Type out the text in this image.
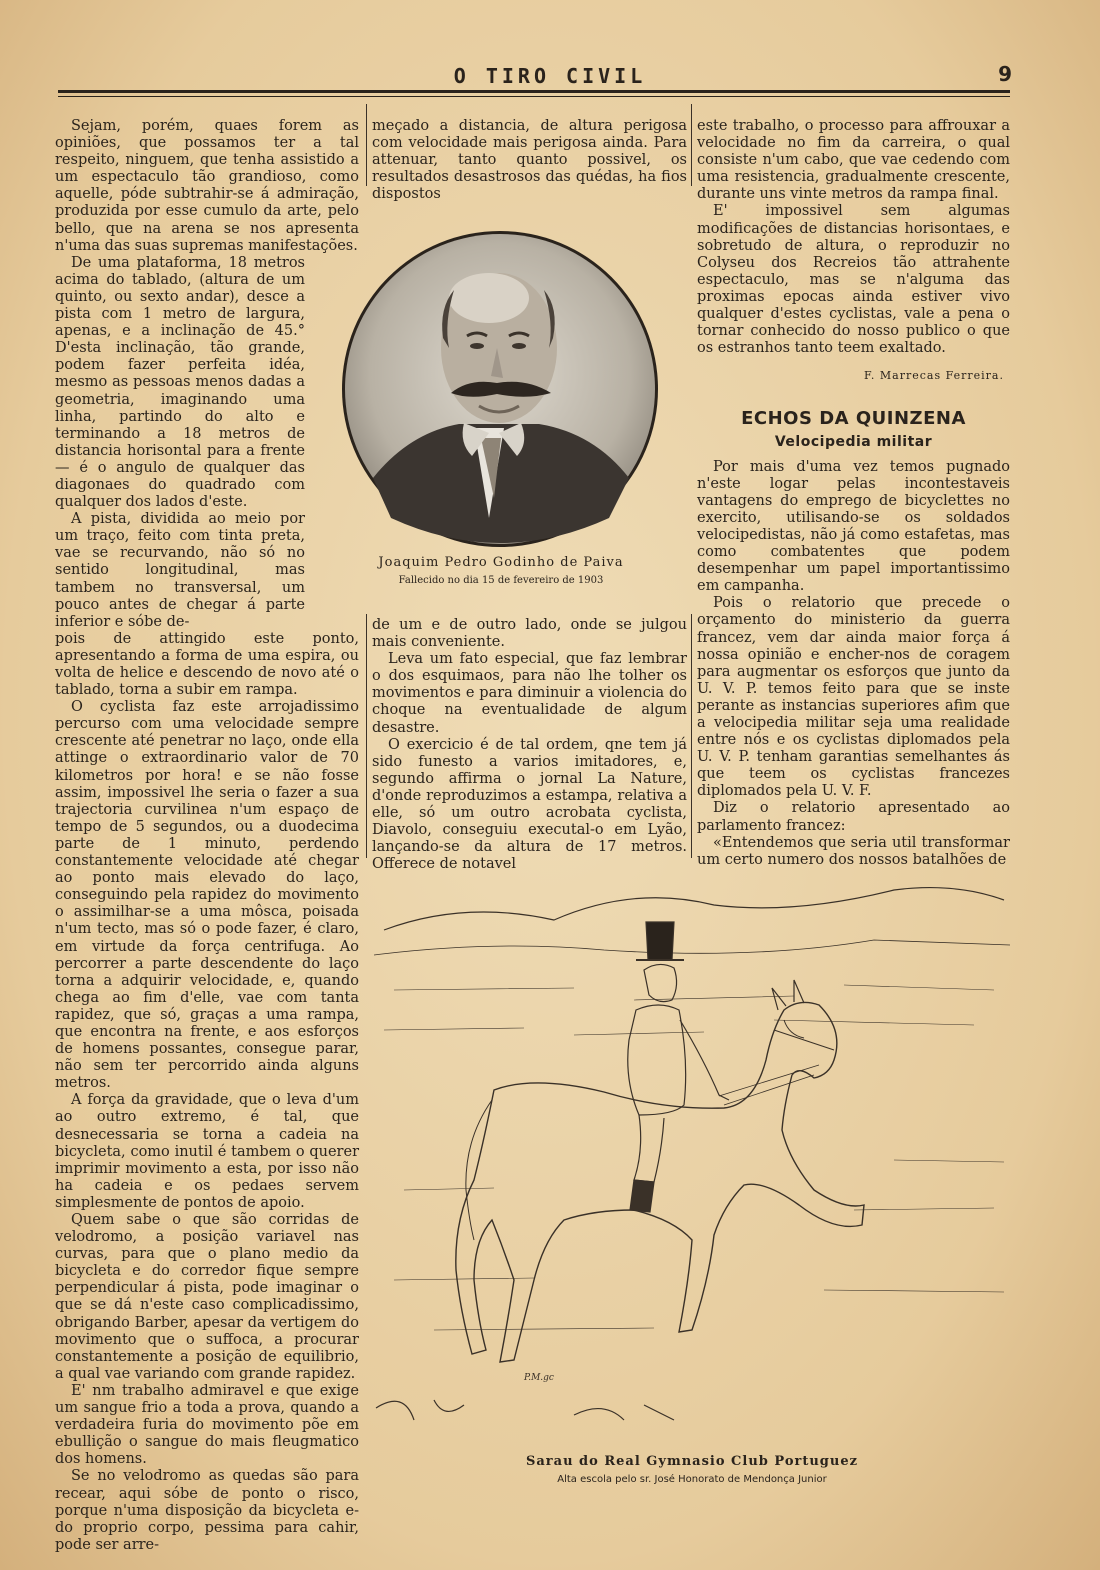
O TIRO CIVIL	9

Sejam, porém, quaes forem as opiniões, que possamos ter a tal respeito, ninguem, que tenha assistido a um espectaculo tão grandioso, como aquelle, póde subtrahir-se á admiração, produzida por esse cumulo da arte, pelo bello, que na arena se nos apresenta n'uma das suas supremas manifestações.

De uma plataforma, 18 metros acima do tablado, (altura de um quinto, ou sexto andar), desce a pista com 1 metro de largura, apenas, e a inclinação de 45.° D'esta inclinação, tão grande, podem fazer perfeita idéa, mesmo as pessoas menos dadas a geometria, imaginando uma linha, partindo do alto e terminando a 18 metros de distancia horisontal para a frente — é o angulo de qualquer das diagonaes do quadrado com qualquer dos lados d'este.

A pista, dividida ao meio por um traço, feito com tinta preta, vae se recurvando, não só no sentido longitudinal, mas tambem no transversal, um pouco antes de chegar á parte inferior e sóbe de-

pois de attingido este ponto, apresentando a forma de uma espira, ou volta de helice e descendo de novo até o tablado, torna a subir em rampa.

O cyclista faz este arrojadissimo percurso com uma velocidade sempre crescente até penetrar no laço, onde ella attinge o extraordinario valor de 70 kilometros por hora! e se não fosse assim, impossivel lhe seria o fazer a sua trajectoria curvilinea n'um espaço de tempo de 5 segundos, ou a duodecima parte de 1 minuto, perdendo constantemente velocidade até chegar ao ponto mais elevado do laço, conseguindo pela rapidez do movimento o assimilhar-se a uma môsca, poisada n'um tecto, mas só o pode fazer, é claro, em virtude da força centrifuga. Ao percorrer a parte descendente do laço torna a adquirir velocidade, e, quando chega ao fim d'elle, vae com tanta rapidez, que só, graças a uma rampa, que encontra na frente, e aos esforços de homens possantes, consegue parar, não sem ter percorrido ainda alguns metros.

A força da gravidade, que o leva d'um ao outro extremo, é tal, que desnecessaria se torna a cadeia na bicycleta, como inutil é tambem o querer imprimir movimento a esta, por isso não ha cadeia e os pedaes servem simplesmente de pontos de apoio.

Quem sabe o que são corridas de velodromo, a posição variavel nas curvas, para que o plano medio da bicycleta e do corredor fique sempre perpendicular á pista, pode imaginar o que se dá n'este caso complicadissimo, obrigando Barber, apesar da vertigem do movimento que o suffoca, a procurar constantemente a posição de equilibrio, a qual vae variando com grande rapidez.

E' nm trabalho admiravel e que exige um sangue frio a toda a prova, quando a verdadeira furia do movimento põe em ebullição o sangue do mais fleugmatico dos homens.

Se no velodromo as quedas são para recear, aqui sóbe de ponto o risco, porque n'uma disposição da bicycleta e-do proprio corpo, pessima para cahir, pode ser arre-

meçado a distancia, de altura perigosa com velocidade mais perigosa ainda. Para attenuar, tanto quanto possivel, os resultados desastrosos das quédas, ha fios dispostos

Joaquim Pedro Godinho de Paiva
Fallecido no dia 15 de fevereiro de 1903

de um e de outro lado, onde se julgou mais conveniente.

Leva um fato especial, que faz lembrar o dos esquimaos, para não lhe tolher os movimentos e para diminuir a violencia do choque na eventualidade de algum desastre.

O exercicio é de tal ordem, qne tem já sido funesto a varios imitadores, e, segundo affirma o jornal La Nature, d'onde reproduzimos a estampa, relativa a elle, só um outro acrobata cyclista, Diavolo, conseguiu executal-o em Lyão, lançando-se da altura de 17 metros. Offerece de notavel

este trabalho, o processo para affrouxar a velocidade no fim da carreira, o qual consiste n'um cabo, que vae cedendo com uma resistencia, gradualmente crescente, durante uns vinte metros da rampa final.

E' impossivel sem algumas modificações de distancias horisontaes, e sobretudo de altura, o reproduzir no Colyseu dos Recreios tão attrahente espectaculo, mas se n'alguma das proximas epocas ainda estiver vivo qualquer d'estes cyclistas, vale a pena o tornar conhecido do nosso publico o que os estranhos tanto teem exaltado.

F. Marrecas Ferreira.
ECHOS DA QUINZENA
Velocipedia militar

Por mais d'uma vez temos pugnado n'este logar pelas incontestaveis vantagens do emprego de bicyclettes no exercito, utilisando-se os soldados velocipedistas, não já como estafetas, mas como combatentes que podem desempenhar um papel importantissimo em campanha.

Pois o relatorio que precede o orçamento do ministerio da guerra francez, vem dar ainda maior força á nossa opinião e encher-nos de coragem para augmentar os esforços que junto da U. V. P. temos feito para que se inste perante as instancias superiores afim que a velocipedia militar seja uma realidade entre nós e os cyclistas diplomados pela U. V. P. tenham garantias semelhantes ás que teem os cyclistas francezes diplomados pela U. V. F.

Diz o relatorio apresentado ao parlamento francez:

«Entendemos que seria util transformar um certo numero dos nossos batalhões de

P.M.gc
Sarau do Real Gymnasio Club Portuguez
Alta escola pelo sr. José Honorato de Mendonça Junior
